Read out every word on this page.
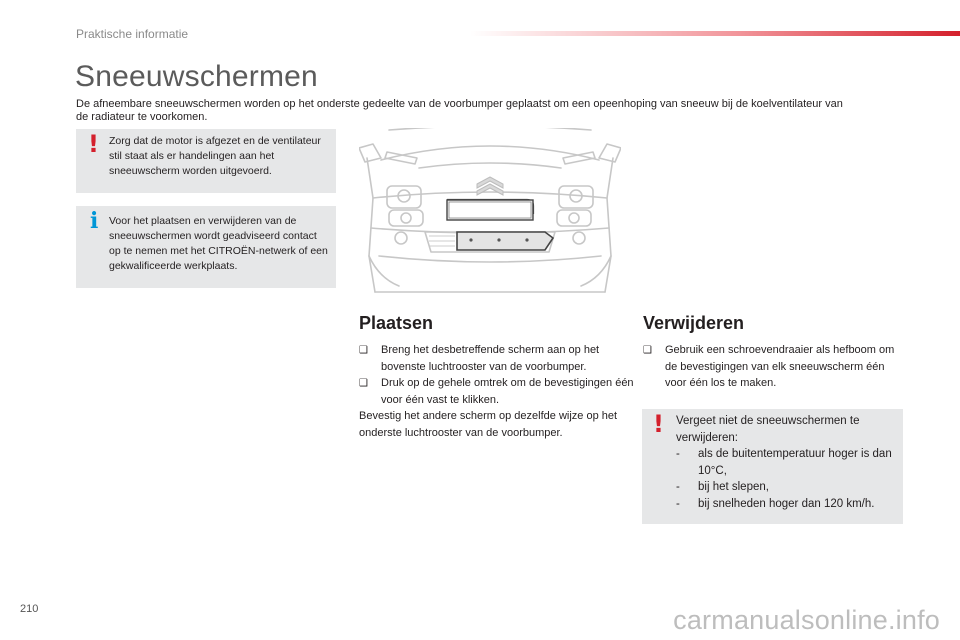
Praktische informatie
Sneeuwschermen

De afneembare sneeuwschermen worden op het onderste gedeelte van de voorbumper geplaatst om een opeenhoping van sneeuw bij de koelventilateur van de radiateur te voorkomen.

! Zorg dat de motor is afgezet en de ventilateur stil staat als er handelingen aan het sneeuwscherm worden uitgevoerd.

i Voor het plaatsen en verwijderen van de sneeuwschermen wordt geadviseerd contact op te nemen met het CITROËN-netwerk of een gekwalificeerde werkplaats.

Plaatsen

❑ Breng het desbetreffende scherm aan op het bovenste luchtrooster van de voorbumper.

❑ Druk op de gehele omtrek om de bevestigingen één voor één vast te klikken.

Bevestig het andere scherm op dezelfde wijze op het onderste luchtrooster van de voorbumper.

Verwijderen

❑ Gebruik een schroevendraaier als hefboom om de bevestigingen van elk sneeuwscherm één voor één los te maken.

! Vergeet niet de sneeuwschermen te verwijderen:

- als de buitentemperatuur hoger is dan 10°C,
- bij het slepen,
- bij snelheden hoger dan 120 km/h.
210	carmanualsonline.info
